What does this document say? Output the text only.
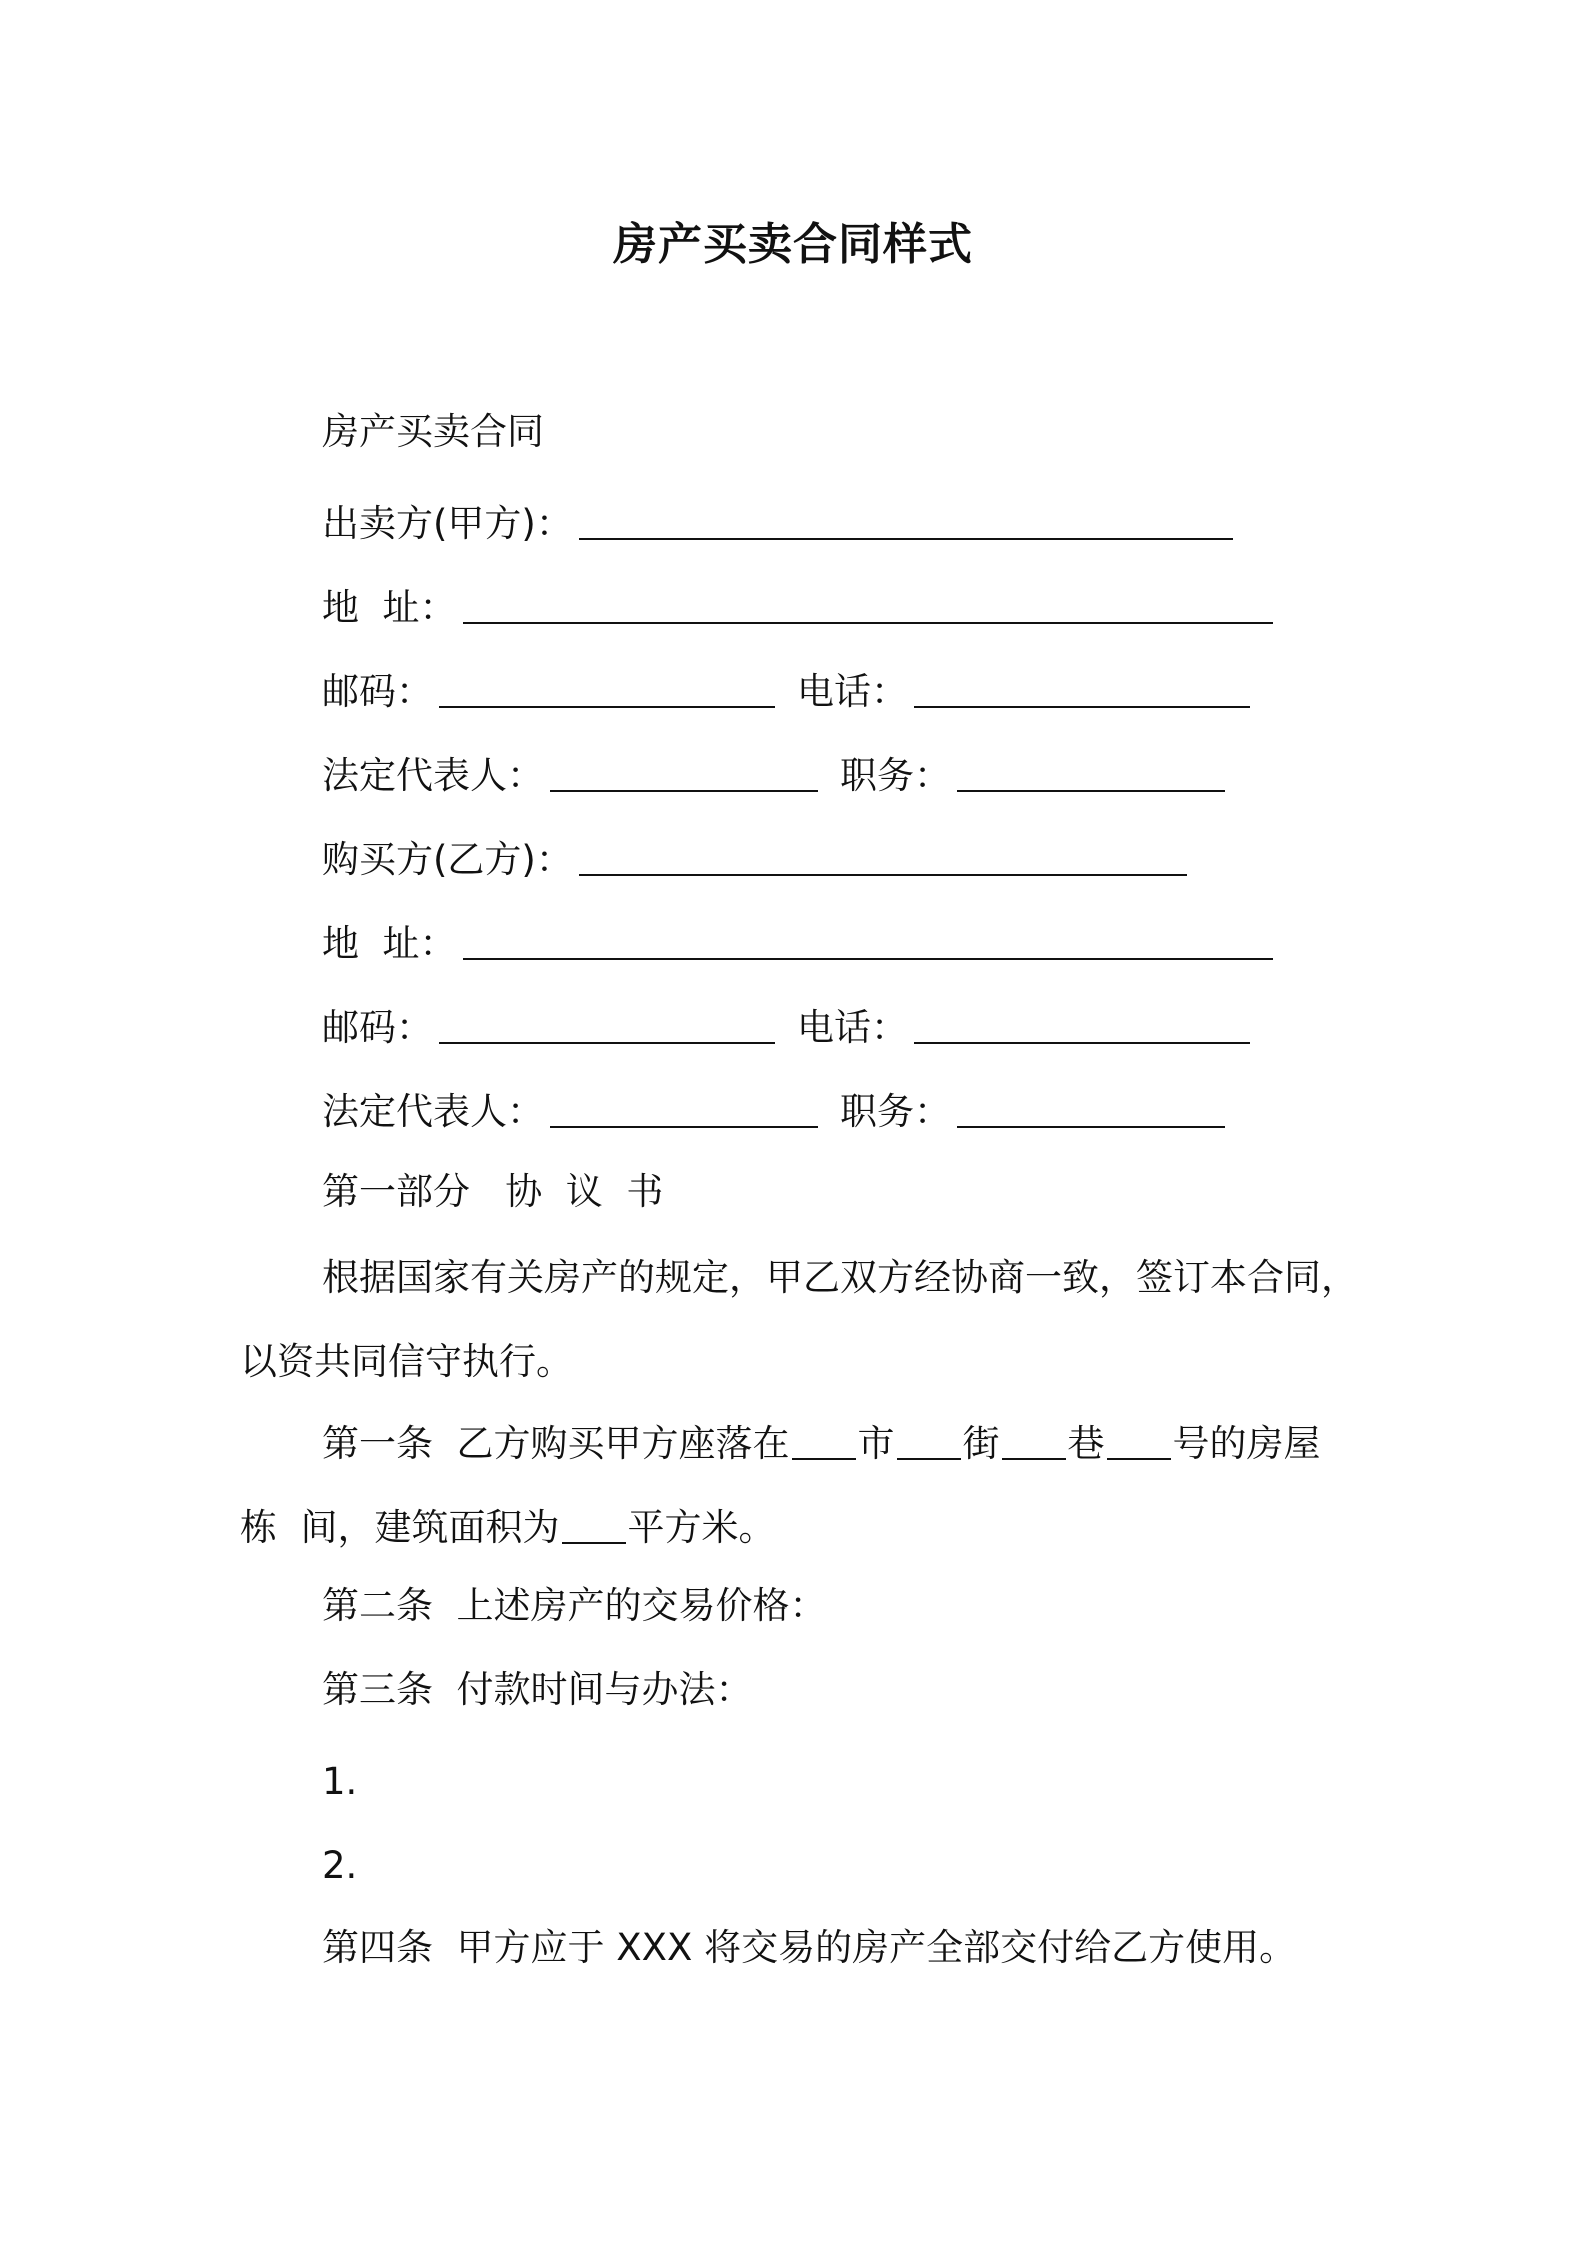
房产买卖合同样式

房产买卖合同

出卖方(甲方)：

地  址：

邮码：	电话：

法定代表人：	职务：

购买方(乙方)：

地  址：

邮码：	电话：

法定代表人：	职务：

第一部分   协  议  书

根据国家有关房产的规定，甲乙双方经协商一致，签订本合同，以资共同信守执行。

第一条  乙方购买甲方座落在 市 街 巷 号的房屋  栋  间，建筑面积为 平方米。

第二条  上述房产的交易价格：

第三条  付款时间与办法：

1.

2.

第四条  甲方应于 XXX 将交易的房产全部交付给乙方使用。
